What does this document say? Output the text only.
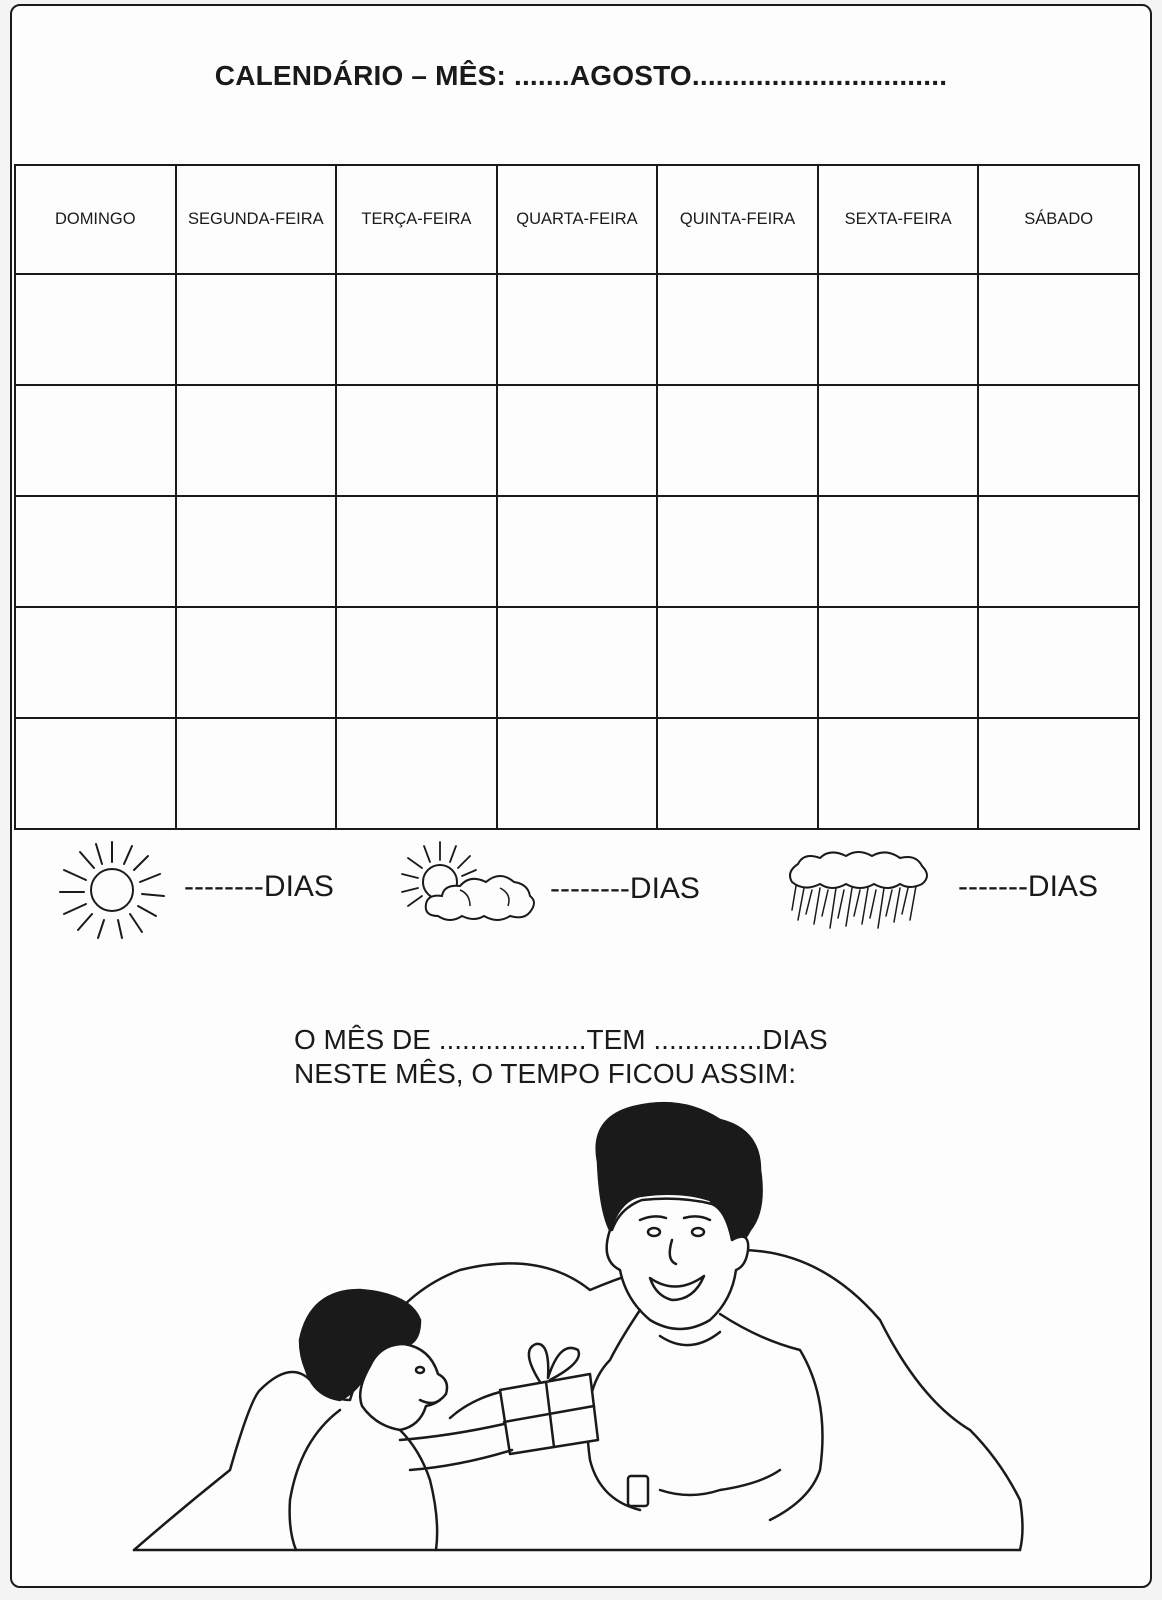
CALENDÁRIO – MÊS: .......AGOSTO................................
DOMINGO	SEGUNDA-FEIRA	TERÇA-FEIRA	QUARTA-FEIRA	QUINTA-FEIRA	SEXTA-FEIRA	SÁBADO

--------DIAS	--------DIAS	-------DIAS
O MÊS DE ...................TEM ..............DIAS
NESTE MÊS, O TEMPO FICOU ASSIM:
